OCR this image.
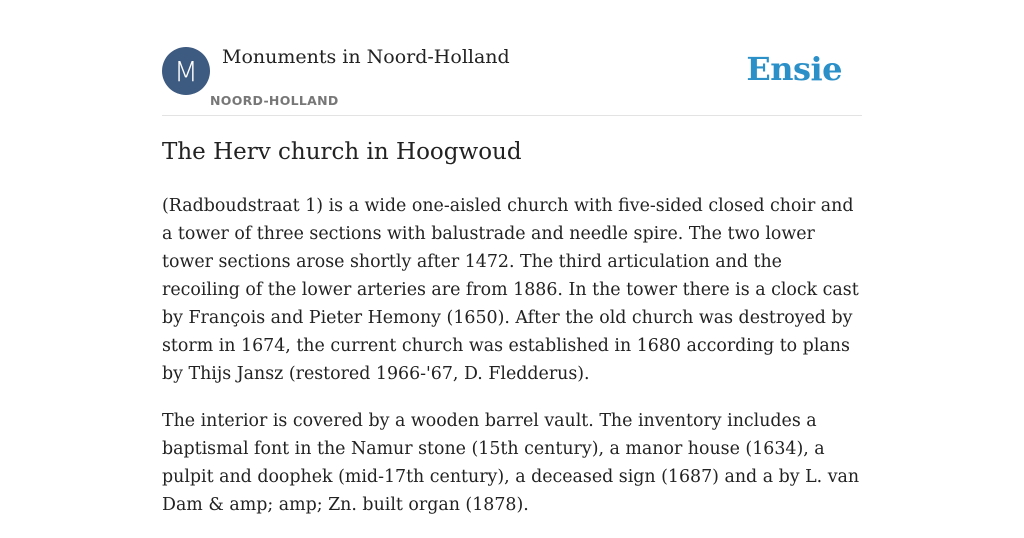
M Monuments in Noord-Holland
NOORD-HOLLAND
Ensie
The Herv church in Hoogwoud

(Radboudstraat 1) is a wide one-aisled church with five-sided closed choir and a tower of three sections with balustrade and needle spire. The two lower tower sections arose shortly after 1472. The third articulation and the recoiling of the lower arteries are from 1886. In the tower there is a clock cast by François and Pieter Hemony (1650). After the old church was destroyed by storm in 1674, the current church was established in 1680 according to plans by Thijs Jansz (restored 1966-'67, D. Fledderus).

The interior is covered by a wooden barrel vault. The inventory includes a baptismal font in the Namur stone (15th century), a manor house (1634), a pulpit and doophek (mid-17th century), a deceased sign (1687) and a by L. van Dam & amp; amp; Zn. built organ (1878).
